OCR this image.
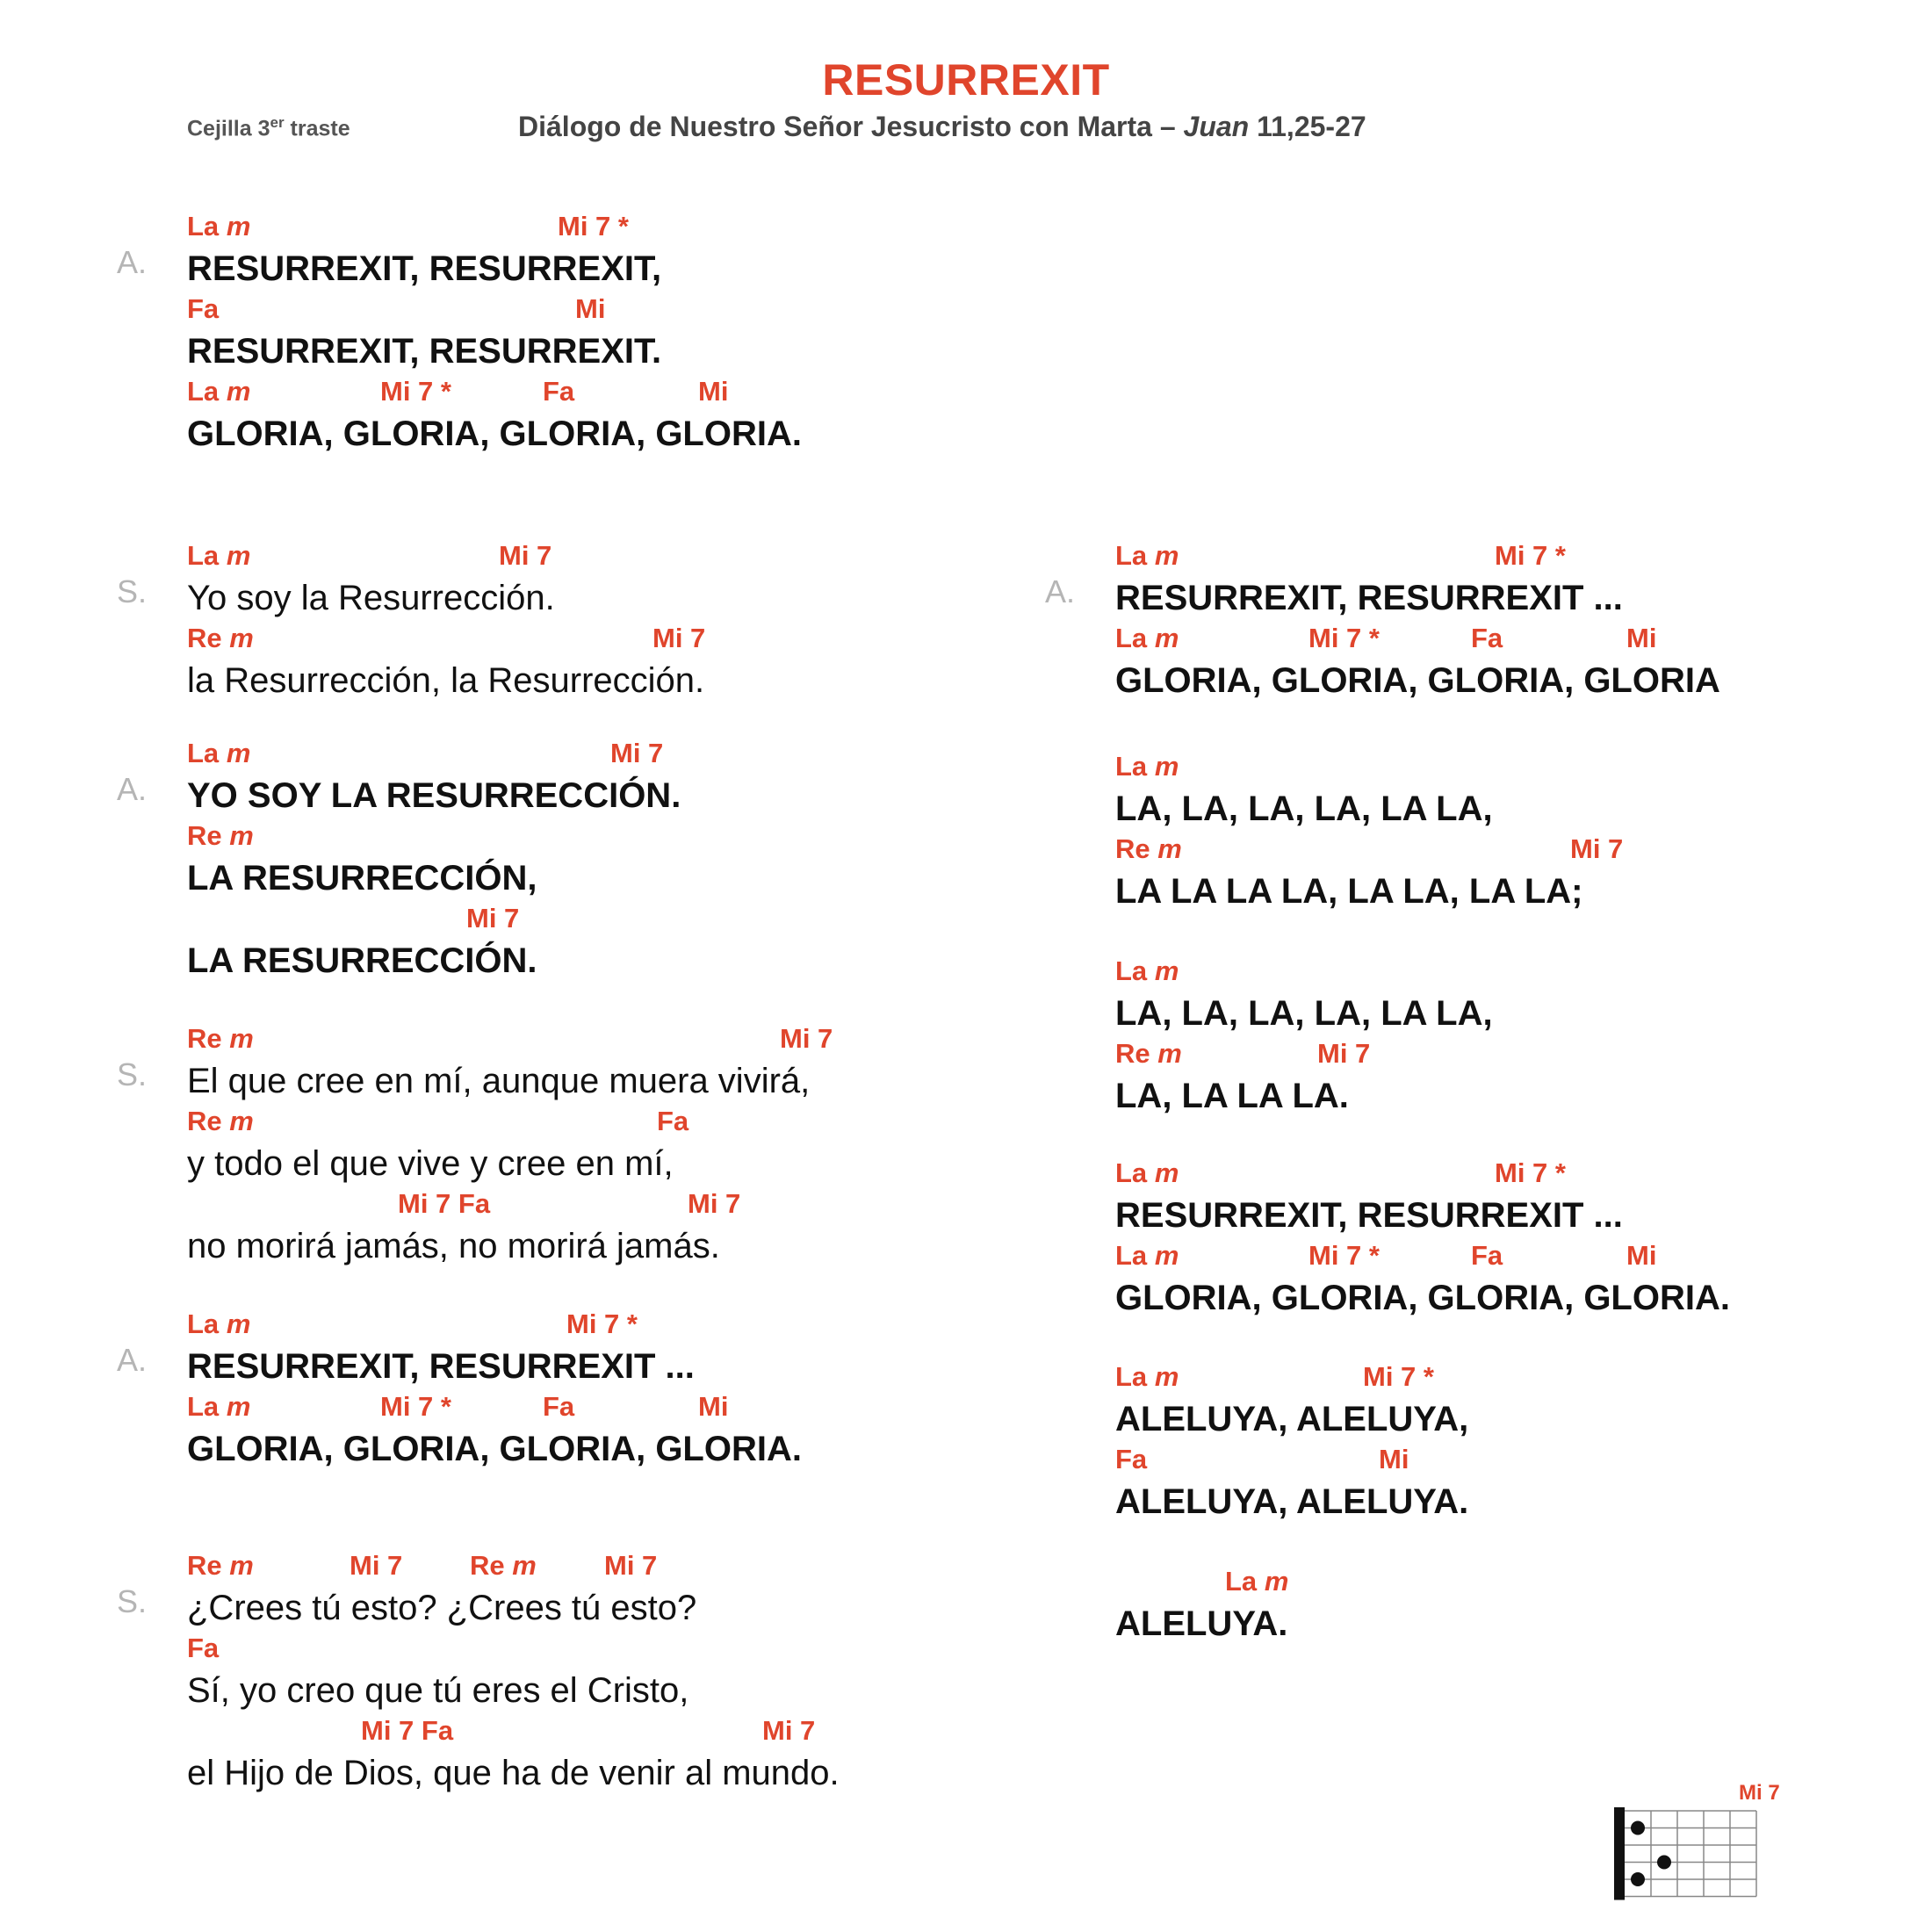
RESURREXIT
Cejilla 3er traste	Diálogo de Nuestro Señor Jesucristo con Marta – Juan 11,25-27
La m	Mi 7 *
A. RESURREXIT, RESURREXIT,
Fa	Mi
RESURREXIT, RESURREXIT.
La m	Mi 7 *	Fa	Mi
GLORIA, GLORIA, GLORIA, GLORIA.
La m	Mi 7
S. Yo soy la Resurrección.
Re m	Mi 7
la Resurrección, la Resurrección.
La m	Mi 7
A. YO SOY LA RESURRECCIÓN.
Re m
LA RESURRECCIÓN,
Mi 7
LA RESURRECCIÓN.
Re m	Mi 7
S. El que cree en mí, aunque muera vivirá,
Re m	Fa
y todo el que vive y cree en mí,
Mi 7 Fa	Mi 7
no morirá jamás, no morirá jamás.
La m	Mi 7 *
A. RESURREXIT, RESURREXIT ...
La m	Mi 7 *	Fa	Mi
GLORIA, GLORIA, GLORIA, GLORIA.
Re m	Mi 7 Re m Mi 7
S. ¿Crees tú esto? ¿Crees tú esto?
Fa
Sí, yo creo que tú eres el Cristo,
Mi 7 Fa	Mi 7
el Hijo de Dios, que ha de venir al mundo.
La m	Mi 7 *
A. RESURREXIT, RESURREXIT ...
La m	Mi 7 *	Fa	Mi
GLORIA, GLORIA, GLORIA, GLORIA
La m
LA, LA, LA, LA, LA LA,
Re m	Mi 7
LA LA LA LA, LA LA, LA LA;
La m
LA, LA, LA, LA, LA LA,
Re m	Mi 7
LA, LA LA LA.
La m	Mi 7 *
RESURREXIT, RESURREXIT ...
La m	Mi 7 *	Fa	Mi
GLORIA, GLORIA, GLORIA, GLORIA.
La m	Mi 7 *
ALELUYA, ALELUYA,
Fa	Mi
ALELUYA, ALELUYA.
La m
ALELUYA.
Mi 7
